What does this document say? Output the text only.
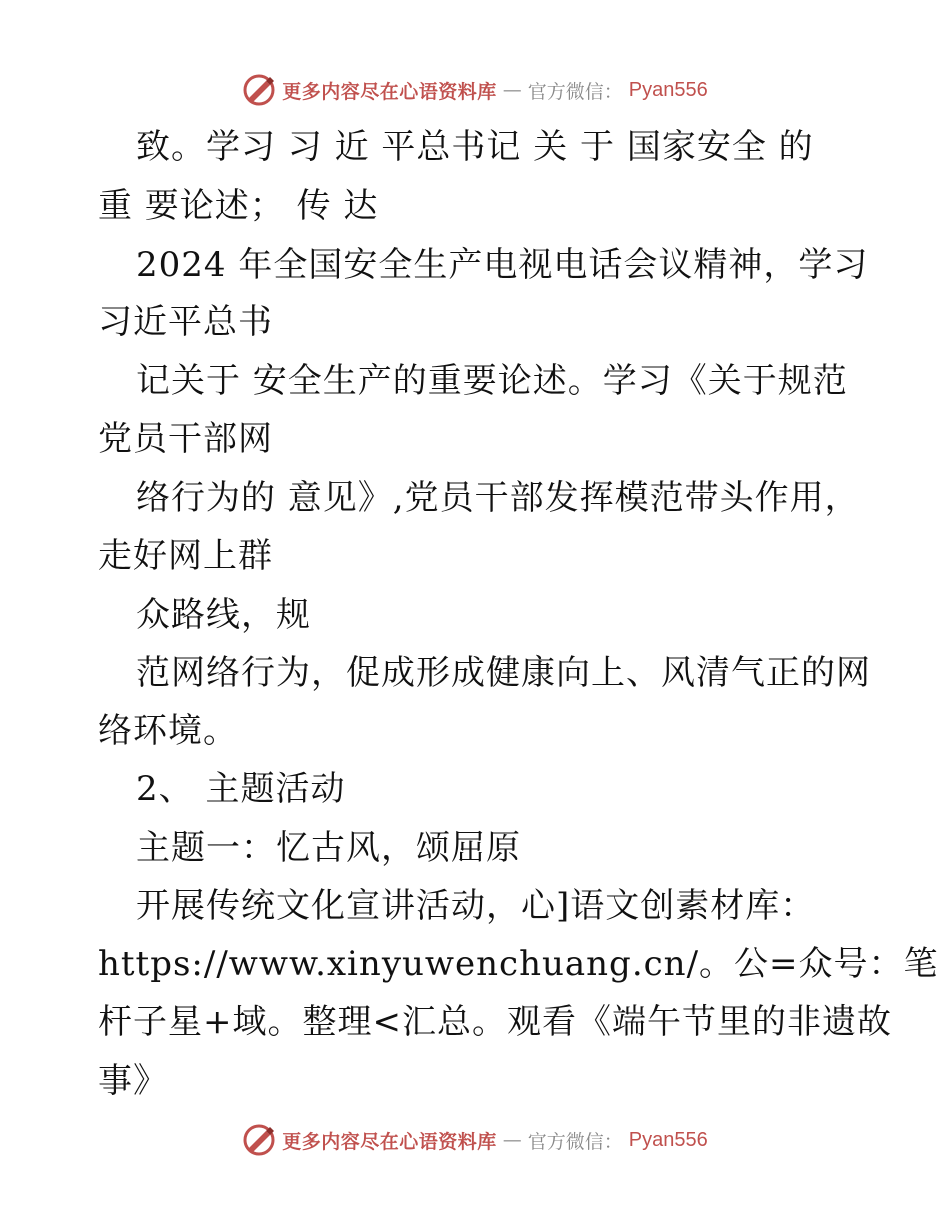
更多内容尽在心语资料库 — 官方微信： Pyan556
致。学习 习 近 平总书记 关 于 国家安全 的
重 要论述； 传 达
2024 年全国安全生产电视电话会议精神，学习
习近平总书
记关于 安全生产的重要论述。学习《关于规范
党员干部网
络行为的 意见》,党员干部发挥模范带头作用，
走好网上群
众路线，规
范网络行为，促成形成健康向上、风清气正的网
络环境。
2、 主题活动
主题一：忆古风，颂屈原
开展传统文化宣讲活动，心]语文创素材库：
https://www.xinyuwenchuang.cn/。公=众号：笔
杆子星+域。整理<汇总。观看《端午节里的非遗故
事》
更多内容尽在心语资料库 — 官方微信： Pyan556
